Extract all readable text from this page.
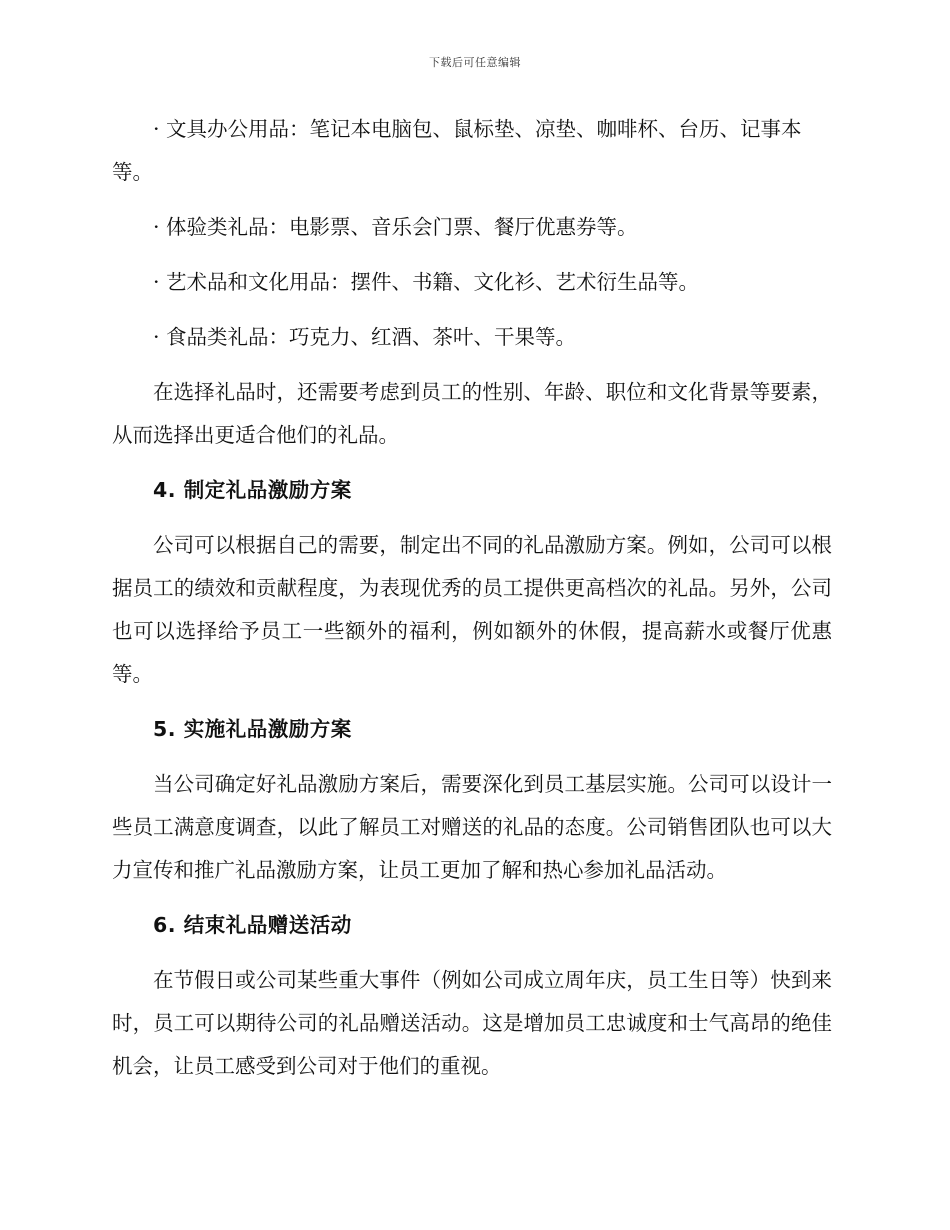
下载后可任意编辑

· 文具办公用品：笔记本电脑包、鼠标垫、凉垫、咖啡杯、台历、记事本等。

· 体验类礼品：电影票、音乐会门票、餐厅优惠券等。

· 艺术品和文化用品：摆件、书籍、文化衫、艺术衍生品等。

· 食品类礼品：巧克力、红酒、茶叶、干果等。

在选择礼品时，还需要考虑到员工的性别、年龄、职位和文化背景等要素，从而选择出更适合他们的礼品。

4. 制定礼品激励方案

公司可以根据自己的需要，制定出不同的礼品激励方案。例如，公司可以根据员工的绩效和贡献程度，为表现优秀的员工提供更高档次的礼品。另外，公司也可以选择给予员工一些额外的福利，例如额外的休假，提高薪水或餐厅优惠等。

5. 实施礼品激励方案

当公司确定好礼品激励方案后，需要深化到员工基层实施。公司可以设计一些员工满意度调查，以此了解员工对赠送的礼品的态度。公司销售团队也可以大力宣传和推广礼品激励方案，让员工更加了解和热心参加礼品活动。

6. 结束礼品赠送活动

在节假日或公司某些重大事件（例如公司成立周年庆，员工生日等）快到来时，员工可以期待公司的礼品赠送活动。这是增加员工忠诚度和士气高昂的绝佳机会，让员工感受到公司对于他们的重视。
